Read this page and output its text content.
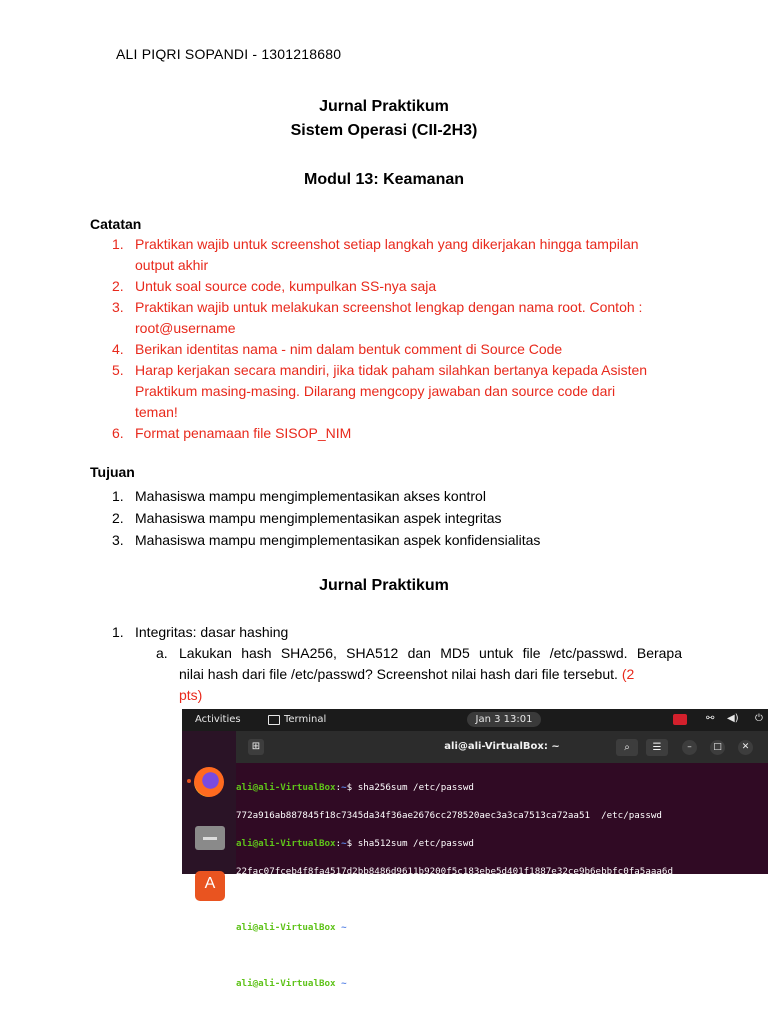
ALI PIQRI SOPANDI - 1301218680
Jurnal Praktikum
Sistem Operasi (CII-2H3)
Modul 13: Keamanan
Catatan
1. Praktikan wajib untuk screenshot setiap langkah yang dikerjakan hingga tampilan
output akhir
2. Untuk soal source code, kumpulkan SS-nya saja
3. Praktikan wajib untuk melakukan screenshot lengkap dengan nama root. Contoh :
root@username
4. Berikan identitas nama - nim dalam bentuk comment di Source Code
5. Harap kerjakan secara mandiri, jika tidak paham silahkan bertanya kepada Asisten
Praktikum masing-masing. Dilarang mengcopy jawaban dan source code dari
teman!
6. Format penamaan file SISOP_NIM
Tujuan
1. Mahasiswa mampu mengimplementasikan akses kontrol
2. Mahasiswa mampu mengimplementasikan aspek integritas
3. Mahasiswa mampu mengimplementasikan aspek konfidensialitas
Jurnal Praktikum
1. Integritas: dasar hashing
a. Lakukan hash SHA256, SHA512 dan MD5 untuk file /etc/passwd. Berapa
nilai hash dari file /etc/passwd? Screenshot nilai hash dari file tersebut. (2
pts)
Activities	Terminal	Jan 3 13:01	⚯ ◀) ⏻
A
⊞	ali@ali-VirtualBox: ~	⌕	☰	–	□	✕

ali@ali-VirtualBox:~$ sha256sum /etc/passwd

772a916ab887845f18c7345da34f36ae2676cc278520aec3a3ca7513ca72aa51  /etc/passwd

ali@ali-VirtualBox:~$ sha512sum /etc/passwd

22fac07fceb4f8fa4517d2bb8486d9611b9200f5c183ebe5d401f1887e32ce9b6ebbfc0fa5aaa6d

56708f54ef23cb7c41e768104213ec03d1f86993539b3816b  /etc/passwd

ali@ali-VirtualBox:~$ md5sum /etc/passwd

e1078bf566085fe3a90addd5ed681661  /etc/passwd

ali@ali-VirtualBox:~$
